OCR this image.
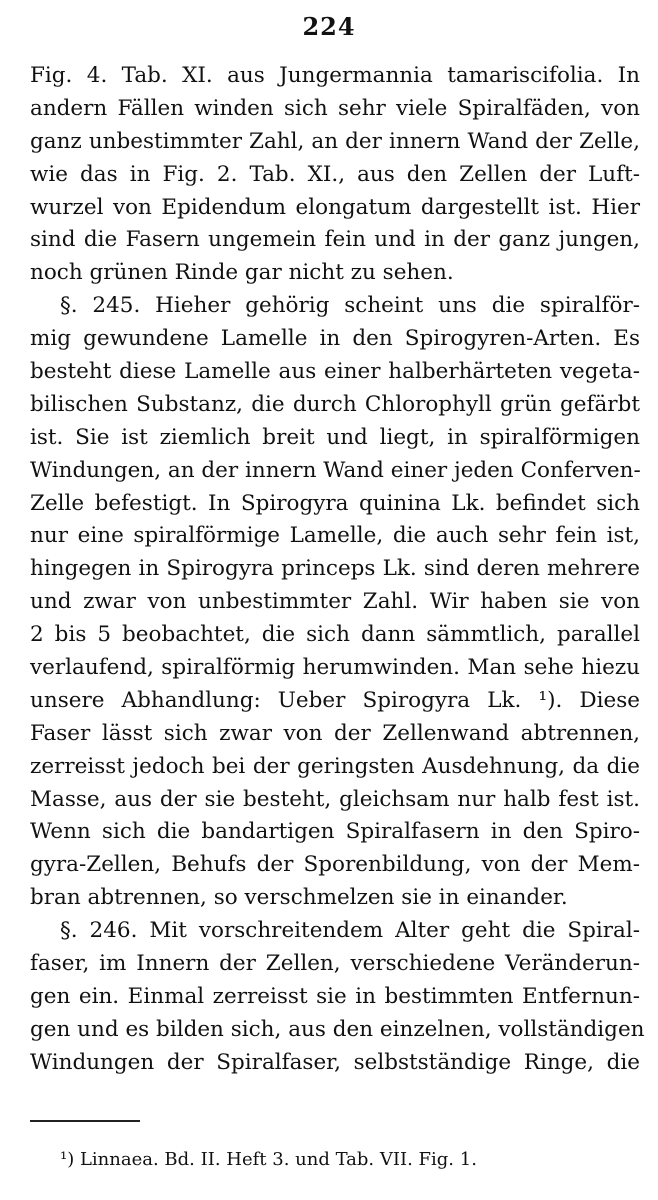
224
Fig. 4. Tab. XI. aus Jungermannia tamariscifolia. In
andern Fällen winden sich sehr viele Spiralfäden, von
ganz unbestimmter Zahl, an der innern Wand der Zelle,
wie das in Fig. 2. Tab. XI., aus den Zellen der Luft-
wurzel von Epidendum elongatum dargestellt ist. Hier
sind die Fasern ungemein fein und in der ganz jungen,
noch grünen Rinde gar nicht zu sehen.
§. 245. Hieher gehörig scheint uns die spiralför-
mig gewundene Lamelle in den Spirogyren-Arten. Es
besteht diese Lamelle aus einer halberhärteten vegeta-
bilischen Substanz, die durch Chlorophyll grün gefärbt
ist. Sie ist ziemlich breit und liegt, in spiralförmigen
Windungen, an der innern Wand einer jeden Conferven-
Zelle befestigt. In Spirogyra quinina Lk. befindet sich
nur eine spiralförmige Lamelle, die auch sehr fein ist,
hingegen in Spirogyra princeps Lk. sind deren mehrere
und zwar von unbestimmter Zahl. Wir haben sie von
2 bis 5 beobachtet, die sich dann sämmtlich, parallel
verlaufend, spiralförmig herumwinden. Man sehe hiezu
unsere Abhandlung: Ueber Spirogyra Lk. ¹). Diese
Faser lässt sich zwar von der Zellenwand abtrennen,
zerreisst jedoch bei der geringsten Ausdehnung, da die
Masse, aus der sie besteht, gleichsam nur halb fest ist.
Wenn sich die bandartigen Spiralfasern in den Spiro-
gyra-Zellen, Behufs der Sporenbildung, von der Mem-
bran abtrennen, so verschmelzen sie in einander.
§. 246. Mit vorschreitendem Alter geht die Spiral-
faser, im Innern der Zellen, verschiedene Veränderun-
gen ein. Einmal zerreisst sie in bestimmten Entfernun-
gen und es bilden sich, aus den einzelnen, vollständigen
Windungen der Spiralfaser, selbstständige Ringe, die
¹) Linnaea. Bd. II. Heft 3. und Tab. VII. Fig. 1.
